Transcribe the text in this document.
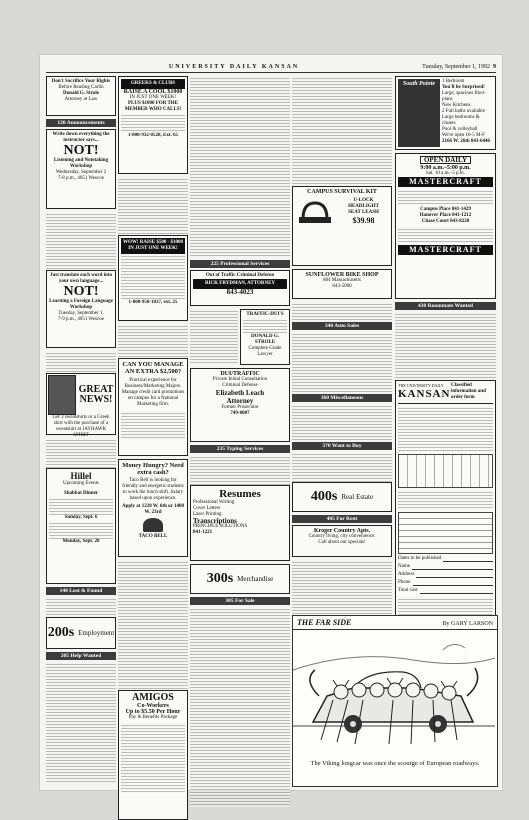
UNIVERSITY DAILY KANSAN	Tuesday, September 1, 1992 9
Don't Sacrifice Your Rights
Before Reading Carlin
Donald G. Strole
Attorney at Law
120 Announcements
Write down everything the instructor says...
NOT!
Listening and Notetaking Workshop
Wednesday, September 2
7-8 p.m., 4051 Wescoe
Just translate each word into your own language...
NOT!
Learning a Foreign Language Workshop
Tuesday, September 1,
7-9 p.m., 4051 Wescoe
GREAT NEWS!
Get 3 sweatshirts or a Greek shirt with the purchase of a sweatshirt at JAYHAWK SPIRIT
Hillel
Upcoming Events
Shabbat Dinner
Sunday, Sept. 6
Monday, Sept. 28
140 Lost & Found
200s Employment
205 Help Wanted
GREEKS & CLUBS
RAISE A COOL $1000
IN JUST ONE WEEK!
PLUS $1000 FOR THE MEMBER WHO CALLS!
1-800-932-0528, Ext. 65
WOW! RAISE $500 - $1000 IN JUST ONE WEEK!
1-800-950-1037, ext. 25
CAN YOU MANAGE AN EXTRA $2,500?
Practical experience for Business/Marketing Majors. Manage credit card promotions on campus for a National Marketing firm.
Money Hungry? Need extra cash?
Taco Bell is looking for friendly and energetic students to work the lunch shift. Salary based upon experience.
Apply at 1220 W. 6th or 1408 W. 23rd
TACO BELL
AMIGOS
Co-Workers
Up to $5.50 Per Hour
Pay & Benefits Package
225 Professional Services
Out of Traffic Criminal Defense
RICK FRYDMAN, ATTORNEY
843-4023
TRAFFIC-DUI'S
DONALD G. STROLE
Complete Grade Lawyer
DUI/TRAFFIC
Private Initial Consultation
Criminal Defense
Elizabeth Leach
Attorney
Former Prosecutor
749-0087
235 Typing Services
Resumes
Professional Writing
Cover Letters
Laser Printing
Transcriptions
PRINCIPLE SOLUTIONS
841-1221
300s Merchandise
305 For Sale
CAMPUS SURVIVAL KIT
U-LOCK
HEADLIGHT
SEAT LEASH
$39.98
SUNFLOWER BIKE SHOP
804 Massachusetts
843-5000
340 Auto Sales
360 Miscellaneous
370 Want to Buy
400s Real Estate
405 For Rent
Kroger Country Apts.
Country living, city convenience.
Call about our specials!
South Pointe	1 Bedroom
You'll be Surprised!
Large, spacious floor-plans
New Kitchens
2 Full baths available
Large bedrooms & closets
Pool & volleyball
We're open 10-5 M-F
2166 W. 26th 843-6446
OPEN DAILY
9:00 a.m.–5:00 p.m.
Sat. 10 a.m.–5 p.m.
MASTERCRAFT
Campus Place 841-1429
Hanover Place 841-1212
Chase Court 843-8220
MASTERCRAFT
430 Roommate Wanted
THE UNIVERSITY DAILY
KANSAN
Classified information and order form
Dates to be published
Name
Address
Phone
Total cost
THE FAR SIDE	By GARY LARSON
The Viking longcar was once the scourge of European roadways.
